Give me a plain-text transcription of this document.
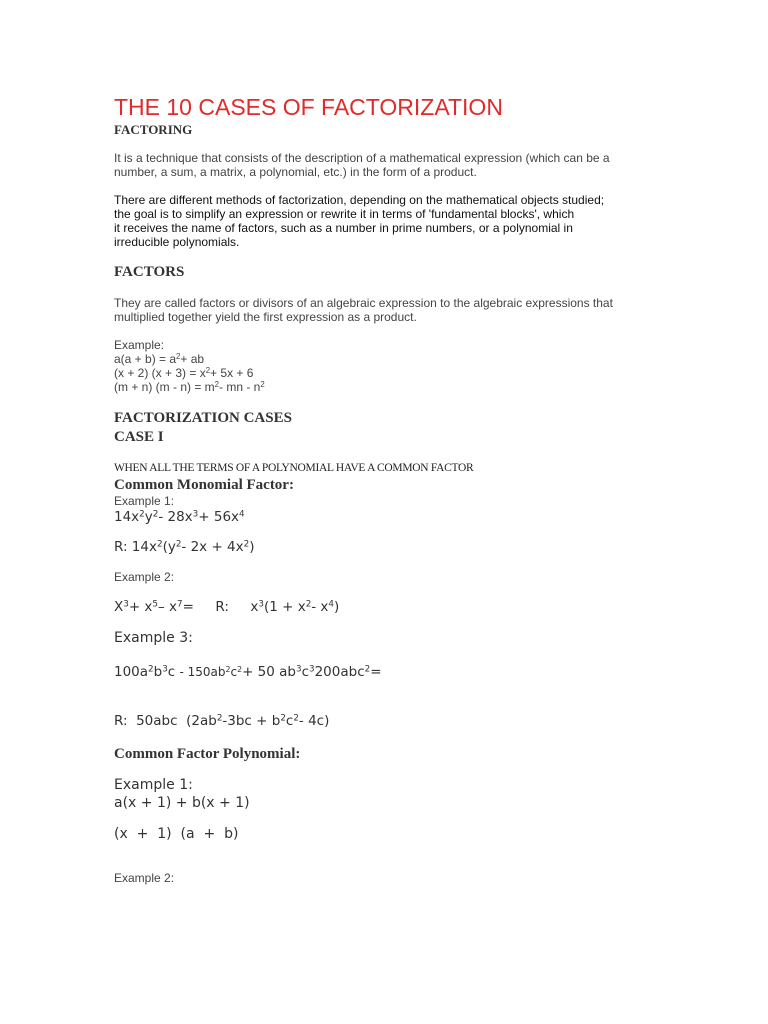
THE 10 CASES OF FACTORIZATION
FACTORING
It is a technique that consists of the description of a mathematical expression (which can be a
number, a sum, a matrix, a polynomial, etc.) in the form of a product.
There are different methods of factorization, depending on the mathematical objects studied;
the goal is to simplify an expression or rewrite it in terms of 'fundamental blocks', which
it receives the name of factors, such as a number in prime numbers, or a polynomial in
irreducible polynomials.
FACTORS
They are called factors or divisors of an algebraic expression to the algebraic expressions that
multiplied together yield the first expression as a product.
Example:
$a(a + b) = a^2+$ ab
(x + 2) $(x + 3) = x^2+ 5x + 6$
(m + n) $(m - n) = m^2-$ mn - $n^2$
FACTORIZATION CASES
CASE I
WHEN ALL THE TERMS OF A POLYNOMIAL HAVE A COMMON FACTOR
Common Monomial Factor:
Example 1:
$14x^2y^2-$ $28x^3+ 56x^4$
R: $14x^2(y^2-$ $2x + 4x^2$)
Example 2:
$X^3+ x^5-$ $x^7=$     R:     $x^3(1 + x^2-$ $x^4$)
Example 3:
$100a^2b^3c - 150ab^2c^2+ 50$ $ab^3c^3200abc^2=$
R:  50abc  ($2ab^2-3bc + b^2c^2-$ 4c)
Common Factor Polynomial:
Example 1:
a(x + 1) + b(x + 1)
(x  +  1)  (a  +  b)
Example 2:
